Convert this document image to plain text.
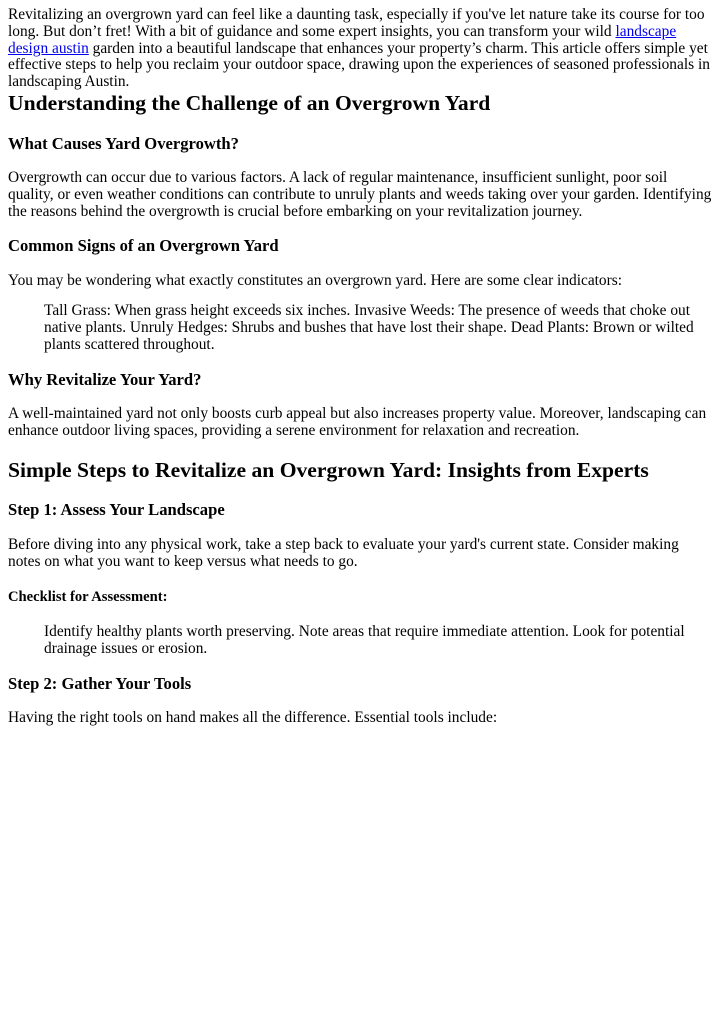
Revitalizing an overgrown yard can feel like a daunting task, especially if you've let nature take its course for too long. But don’t fret! With a bit of guidance and some expert insights, you can transform your wild landscape design austin garden into a beautiful landscape that enhances your property’s charm. This article offers simple yet effective steps to help you reclaim your outdoor space, drawing upon the experiences of seasoned professionals in landscaping Austin.

Understanding the Challenge of an Overgrown Yard
What Causes Yard Overgrowth?

Overgrowth can occur due to various factors. A lack of regular maintenance, insufficient sunlight, poor soil quality, or even weather conditions can contribute to unruly plants and weeds taking over your garden. Identifying the reasons behind the overgrowth is crucial before embarking on your revitalization journey.

Common Signs of an Overgrown Yard

You may be wondering what exactly constitutes an overgrown yard. Here are some clear indicators:

Tall Grass: When grass height exceeds six inches. Invasive Weeds: The presence of weeds that choke out native plants. Unruly Hedges: Shrubs and bushes that have lost their shape. Dead Plants: Brown or wilted plants scattered throughout.

Why Revitalize Your Yard?

A well-maintained yard not only boosts curb appeal but also increases property value. Moreover, landscaping can enhance outdoor living spaces, providing a serene environment for relaxation and recreation.

Simple Steps to Revitalize an Overgrown Yard: Insights from Experts
Step 1: Assess Your Landscape

Before diving into any physical work, take a step back to evaluate your yard's current state. Consider making notes on what you want to keep versus what needs to go.

Checklist for Assessment:

Identify healthy plants worth preserving. Note areas that require immediate attention. Look for potential drainage issues or erosion.

Step 2: Gather Your Tools

Having the right tools on hand makes all the difference. Essential tools include:
